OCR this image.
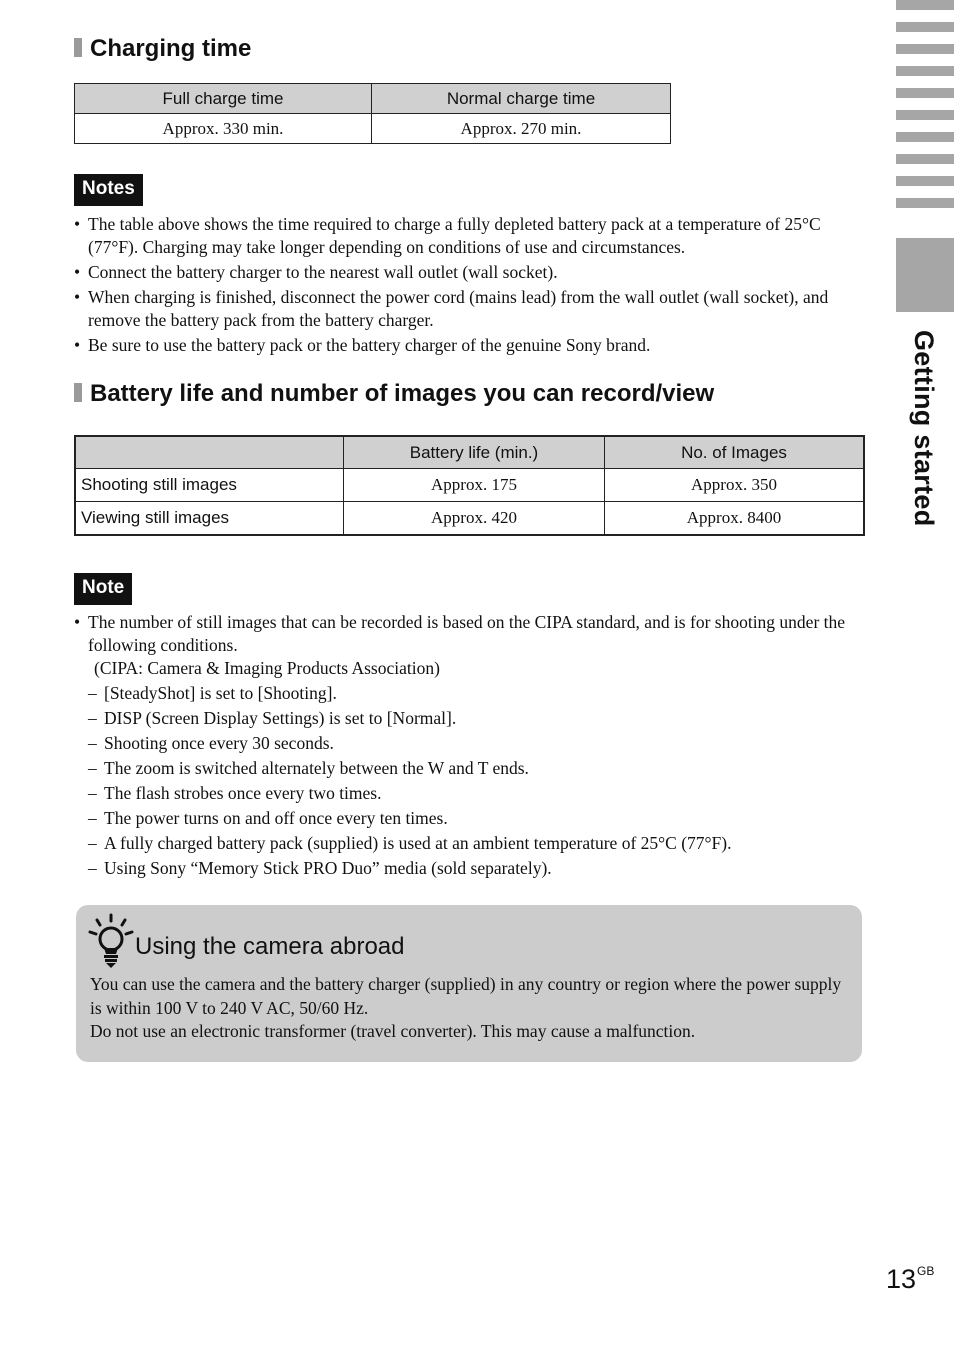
Getting started
Charging time
Full charge time	Normal charge time
Approx. 330 min.	Approx. 270 min.
Notes
• The table above shows the time required to charge a fully depleted battery pack at a temperature of 25°C (77°F). Charging may take longer depending on conditions of use and circumstances.
• Connect the battery charger to the nearest wall outlet (wall socket).
• When charging is finished, disconnect the power cord (mains lead) from the wall outlet (wall socket), and remove the battery pack from the battery charger.
• Be sure to use the battery pack or the battery charger of the genuine Sony brand.
Battery life and number of images you can record/view
	Battery life (min.)	No. of Images
Shooting still images	Approx. 175	Approx. 350
Viewing still images	Approx. 420	Approx. 8400
Note
• The number of still images that can be recorded is based on the CIPA standard, and is for shooting under the following conditions.
(CIPA: Camera & Imaging Products Association)
– [SteadyShot] is set to [Shooting].
– DISP (Screen Display Settings) is set to [Normal].
– Shooting once every 30 seconds.
– The zoom is switched alternately between the W and T ends.
– The flash strobes once every two times.
– The power turns on and off once every ten times.
– A fully charged battery pack (supplied) is used at an ambient temperature of 25°C (77°F).
– Using Sony “Memory Stick PRO Duo” media (sold separately).
Using the camera abroad
You can use the camera and the battery charger (supplied) in any country or region where the power supply is within 100 V to 240 V AC, 50/60 Hz.
Do not use an electronic transformer (travel converter). This may cause a malfunction.
$13^{GB}$
